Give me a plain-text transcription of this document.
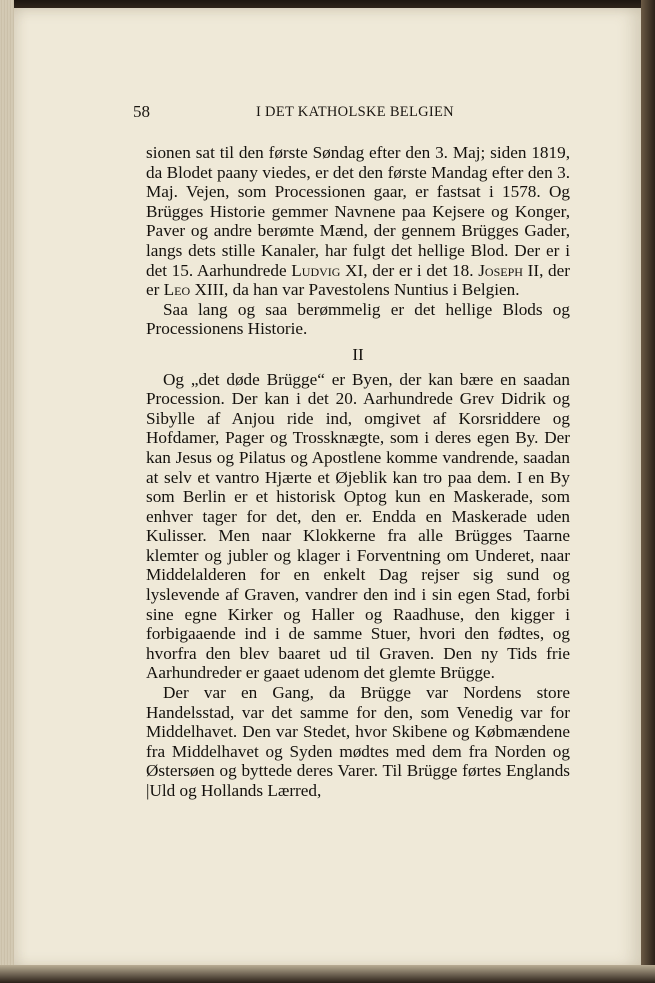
58	I DET KATHOLSKE BELGIEN

sionen sat til den første Søndag efter den 3. Maj; siden 1819, da Blodet paany viedes, er det den første Mandag efter den 3. Maj. Vejen, som Processionen gaar, er fastsat i 1578. Og Brügges Historie gemmer Navnene paa Kejsere og Konger, Paver og andre berømte Mænd, der gennem Brügges Gader, langs dets stille Kanaler, har fulgt det hellige Blod. Der er i det 15. Aarhundrede Ludvig XI, der er i det 18. Joseph II, der er Leo XIII, da han var Pavestolens Nuntius i Belgien.

Saa lang og saa berømmelig er det hellige Blods og Processionens Historie.

II

Og „det døde Brügge“ er Byen, der kan bære en saadan Procession. Der kan i det 20. Aarhundrede Grev Didrik og Sibylle af Anjou ride ind, omgivet af Korsriddere og Hofdamer, Pager og Trossknægte, som i deres egen By. Der kan Jesus og Pilatus og Apostlene komme vandrende, saadan at selv et vantro Hjærte et Øjeblik kan tro paa dem. I en By som Berlin er et historisk Optog kun en Maskerade, som enhver tager for det, den er. Endda en Maskerade uden Kulisser. Men naar Klokkerne fra alle Brügges Taarne klemter og jubler og klager i Forventning om Underet, naar Middelalderen for en enkelt Dag rejser sig sund og lyslevende af Graven, vandrer den ind i sin egen Stad, forbi sine egne Kirker og Haller og Raadhuse, den kigger i forbigaaende ind i de samme Stuer, hvori den fødtes, og hvorfra den blev baaret ud til Graven. Den ny Tids frie Aarhundreder er gaaet udenom det glemte Brügge.

Der var en Gang, da Brügge var Nordens store Handelsstad, var det samme for den, som Venedig var for Middelhavet. Den var Stedet, hvor Skibene og Købmændene fra Middelhavet og Syden mødtes med dem fra Norden og Østersøen og byttede deres Varer. Til Brügge førtes Englands |Uld og Hollands Lærred,
